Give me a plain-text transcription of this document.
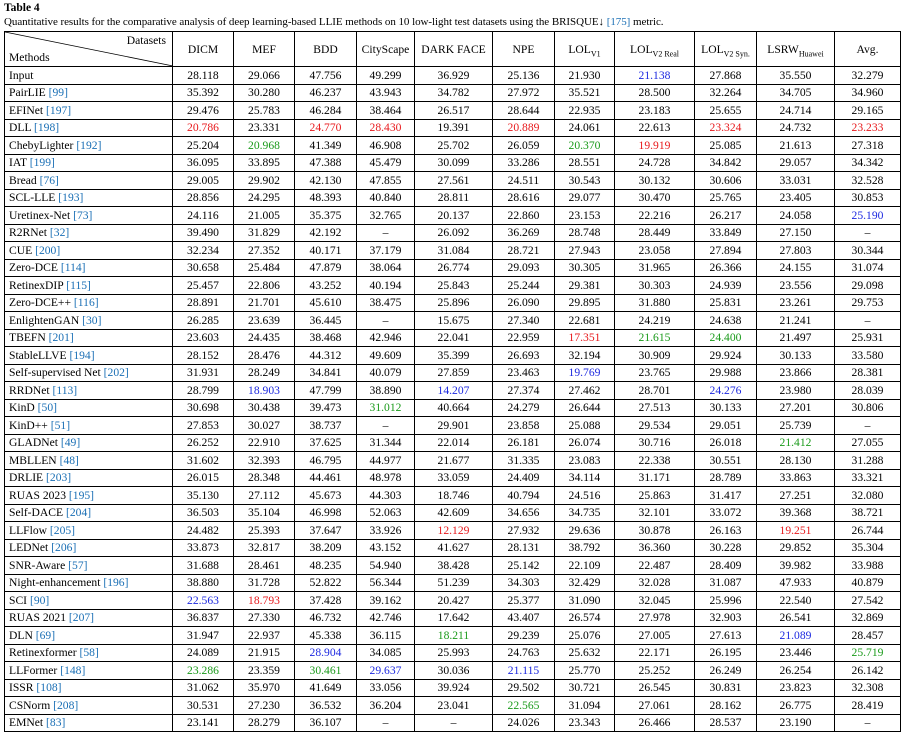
Table 4
Quantitative results for the comparative analysis of deep learning-based LLIE methods on 10 low-light test datasets using the BRISQUE↓ [175] metric.
Datasets
Methods	DICM	MEF	BDD	CityScape	DARK FACE	NPE	$LOL_{V1}$	$LOL_{V2 Real}$	$LOL_{V2 Syn.}$	$LSRW_{Huawei}$	Avg.
Input	28.118	29.066	47.756	49.299	36.929	25.136	21.930	21.138	27.868	35.550	32.279
PairLIE [99]	35.392	30.280	46.237	43.943	34.782	27.972	35.521	28.500	32.264	34.705	34.960
EFINet [197]	29.476	25.783	46.284	38.464	26.517	28.644	22.935	23.183	25.655	24.714	29.165
DLL [198]	20.786	23.331	24.770	28.430	19.391	20.889	24.061	22.613	23.324	24.732	23.233
ChebyLighter [192]	25.204	20.968	41.349	46.908	25.702	26.059	20.370	19.919	25.085	21.613	27.318
IAT [199]	36.095	33.895	47.388	45.479	30.099	33.286	28.551	24.728	34.842	29.057	34.342
Bread [76]	29.005	29.902	42.130	47.855	27.561	24.511	30.543	30.132	30.606	33.031	32.528
SCL-LLE [193]	28.856	24.295	48.393	40.840	28.811	28.616	29.077	30.470	25.765	23.405	30.853
Uretinex-Net [73]	24.116	21.005	35.375	32.765	20.137	22.860	23.153	22.216	26.217	24.058	25.190
R2RNet [32]	39.490	31.829	42.192	–	26.092	36.269	28.748	28.449	33.849	27.150	–
CUE [200]	32.234	27.352	40.171	37.179	31.084	28.721	27.943	23.058	27.894	27.803	30.344
Zero-DCE [114]	30.658	25.484	47.879	38.064	26.774	29.093	30.305	31.965	26.366	24.155	31.074
RetinexDIP [115]	25.457	22.806	43.252	40.194	25.843	25.244	29.381	30.303	24.939	23.556	29.098
Zero-DCE++ [116]	28.891	21.701	45.610	38.475	25.896	26.090	29.895	31.880	25.831	23.261	29.753
EnlightenGAN [30]	26.285	23.639	36.445	–	15.675	27.340	22.681	24.219	24.638	21.241	–
TBEFN [201]	23.603	24.435	38.468	42.946	22.041	22.959	17.351	21.615	24.400	21.497	25.931
StableLLVE [194]	28.152	28.476	44.312	49.609	35.399	26.693	32.194	30.909	29.924	30.133	33.580
Self-supervised Net [202]	31.931	28.249	34.841	40.079	27.859	23.463	19.769	23.765	29.988	23.866	28.381
RRDNet [113]	28.799	18.903	47.799	38.890	14.207	27.374	27.462	28.701	24.276	23.980	28.039
KinD [50]	30.698	30.438	39.473	31.012	40.664	24.279	26.644	27.513	30.133	27.201	30.806
KinD++ [51]	27.853	30.027	38.737	–	29.901	23.858	25.088	29.534	29.051	25.739	–
GLADNet [49]	26.252	22.910	37.625	31.344	22.014	26.181	26.074	30.716	26.018	21.412	27.055
MBLLEN [48]	31.602	32.393	46.795	44.977	21.677	31.335	23.083	22.338	30.551	28.130	31.288
DRLIE [203]	26.015	28.348	44.461	48.978	33.059	24.409	34.114	31.171	28.789	33.863	33.321
RUAS 2023 [195]	35.130	27.112	45.673	44.303	18.746	40.794	24.516	25.863	31.417	27.251	32.080
Self-DACE [204]	36.503	35.104	46.998	52.063	42.609	34.656	34.735	32.101	33.072	39.368	38.721
LLFlow [205]	24.482	25.393	37.647	33.926	12.129	27.932	29.636	30.878	26.163	19.251	26.744
LEDNet [206]	33.873	32.817	38.209	43.152	41.627	28.131	38.792	36.360	30.228	29.852	35.304
SNR-Aware [57]	31.688	28.461	48.235	54.940	38.428	25.142	22.109	22.487	28.409	39.982	33.988
Night-enhancement [196]	38.880	31.728	52.822	56.344	51.239	34.303	32.429	32.028	31.087	47.933	40.879
SCI [90]	22.563	18.793	37.428	39.162	20.427	25.377	31.090	32.045	25.996	22.540	27.542
RUAS 2021 [207]	36.837	27.330	46.732	42.746	17.642	43.407	26.574	27.978	32.903	26.541	32.869
DLN [69]	31.947	22.937	45.338	36.115	18.211	29.239	25.076	27.005	27.613	21.089	28.457
Retinexformer [58]	24.089	21.915	28.904	34.085	25.993	24.763	25.632	22.171	26.195	23.446	25.719
LLFormer [148]	23.286	23.359	30.461	29.637	30.036	21.115	25.770	25.252	26.249	26.254	26.142
ISSR [108]	31.062	35.970	41.649	33.056	39.924	29.502	30.721	26.545	30.831	23.823	32.308
CSNorm [208]	30.531	27.230	36.532	36.204	23.041	22.565	31.094	27.061	28.162	26.775	28.419
EMNet [83]	23.141	28.279	36.107	–	–	24.026	23.343	26.466	28.537	23.190	–
